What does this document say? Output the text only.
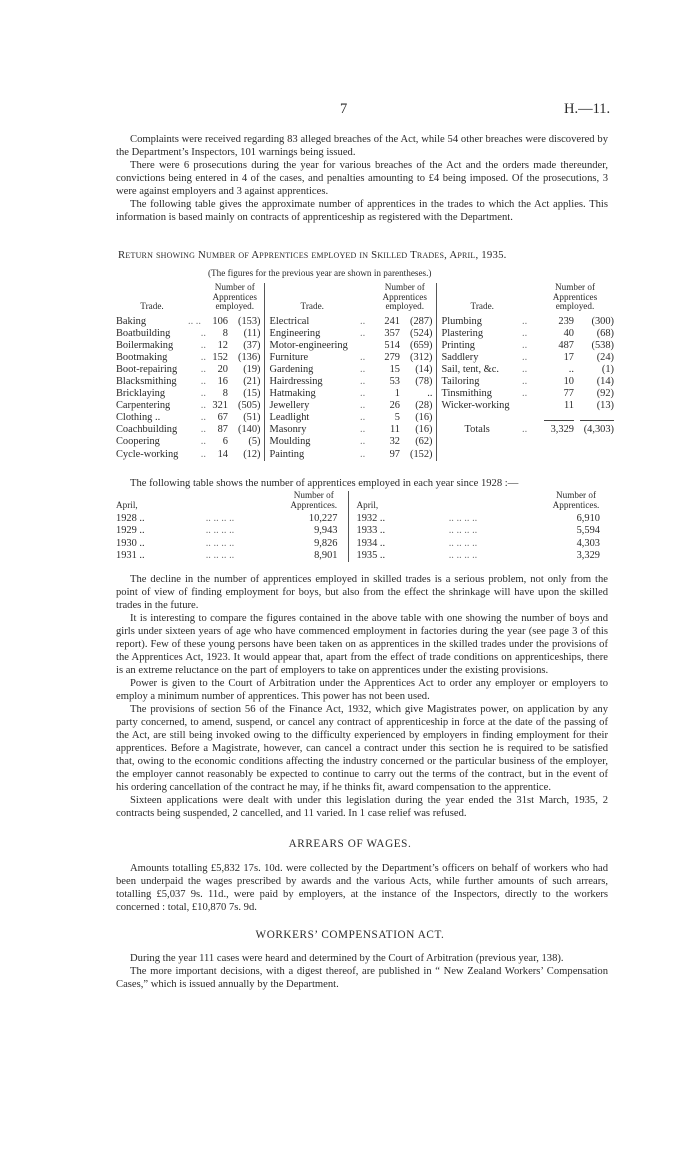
7	H.—11.

Complaints were received regarding 83 alleged breaches of the Act, while 54 other breaches were discovered by the Department’s Inspectors, 101 warnings being issued.

There were 6 prosecutions during the year for various breaches of the Act and the orders made thereunder, convictions being entered in 4 of the cases, and penalties amounting to £4 being imposed. Of the prosecutions, 3 were against employers and 3 against apprentices.

The following table gives the approximate number of apprentices in the trades to which the Act applies. This information is based mainly on contracts of apprenticeship as registered with the Department.

Return showing Number of Apprentices employed in Skilled Trades, April, 1935.
(The figures for the previous year are shown in parentheses.)
Trade.		Number of
Apprentices
employed.		Trade.		Number of
Apprentices
employed.		Trade.		Number of
Apprentices
employed.	
Baking	.. ..	106	(153)	Electrical	..	241	(287)	Plumbing	..	239	(300)
Boatbuilding	..	8	(11)	Engineering	..	357	(524)	Plastering	..	40	(68)
Boilermaking	..	12	(37)	Motor-engineering		514	(659)	Printing	..	487	(538)
Bootmaking	..	152	(136)	Furniture	..	279	(312)	Saddlery	..	17	(24)
Boot-repairing	..	20	(19)	Gardening	..	15	(14)	Sail, tent, &c.	..	..	(1)
Blacksmithing	..	16	(21)	Hairdressing	..	53	(78)	Tailoring	..	10	(14)
Bricklaying	..	8	(15)	Hatmaking	..	1	..	Tinsmithing	..	77	(92)
Carpentering	..	321	(505)	Jewellery	..	26	(28)	Wicker-working		11	(13)
Clothing ..	..	67	(51)	Leadlight	..	5	(16)			

Coachbuilding	..	87	(140)	Masonry	..	11	(16)	Totals	..	3,329	(4,303)
Coopering	..	6	(5)	Moulding	..	32	(62)				
Cycle-working	..	14	(12)	Painting	..	97	(152)				

The following table shows the number of apprentices employed in each year since 1928 :—

April,		Number of
Apprentices.	April,		Number of
Apprentices.
1928 ..	.. .. .. ..	10,227	1932 ..	.. .. .. ..	6,910
1929 ..	.. .. .. ..	9,943	1933 ..	.. .. .. ..	5,594
1930 ..	.. .. .. ..	9,826	1934 ..	.. .. .. ..	4,303
1931 ..	.. .. .. ..	8,901	1935 ..	.. .. .. ..	3,329

The decline in the number of apprentices employed in skilled trades is a serious problem, not only from the point of view of finding employment for boys, but also from the effect the shrinkage will have upon the skilled trades in the future.

It is interesting to compare the figures contained in the above table with one showing the number of boys and girls under sixteen years of age who have commenced employment in factories during the year (see page 3 of this report). Few of these young persons have been taken on as apprentices in the skilled trades under the provisions of the Apprentices Act, 1923. It would appear that, apart from the effect of trade conditions on apprenticeships, there is an extreme reluctance on the part of employers to take on apprentices under the existing provisions.

Power is given to the Court of Arbitration under the Apprentices Act to order any employer or employers to employ a minimum number of apprentices. This power has not been used.

The provisions of section 56 of the Finance Act, 1932, which give Magistrates power, on application by any party concerned, to amend, suspend, or cancel any contract of apprenticeship in force at the date of the passing of the Act, are still being invoked owing to the difficulty experienced by employers in finding employment for their apprentices. Before a Magistrate, however, can cancel a contract under this section he is required to be satisfied that, owing to the economic conditions affecting the industry concerned or the particular business of the employer, the employer cannot reasonably be expected to continue to carry out the terms of the contract, but in the event of his ordering cancellation of the contract he may, if he thinks fit, award compensation to the apprentice.

Sixteen applications were dealt with under this legislation during the year ended the 31st March, 1935, 2 contracts being suspended, 2 cancelled, and 11 varied. In 1 case relief was refused.

ARREARS OF WAGES.

Amounts totalling £5,832 17s. 10d. were collected by the Department’s officers on behalf of workers who had been underpaid the wages prescribed by awards and the various Acts, while further amounts of such arrears, totalling £5,037 9s. 11d., were paid by employers, at the instance of the Inspectors, directly to the workers concerned : total, £10,870 7s. 9d.

WORKERS’ COMPENSATION ACT.

During the year 111 cases were heard and determined by the Court of Arbitration (previous year, 138).

The more important decisions, with a digest thereof, are published in “ New Zealand Workers’ Compensation Cases,” which is issued annually by the Department.
